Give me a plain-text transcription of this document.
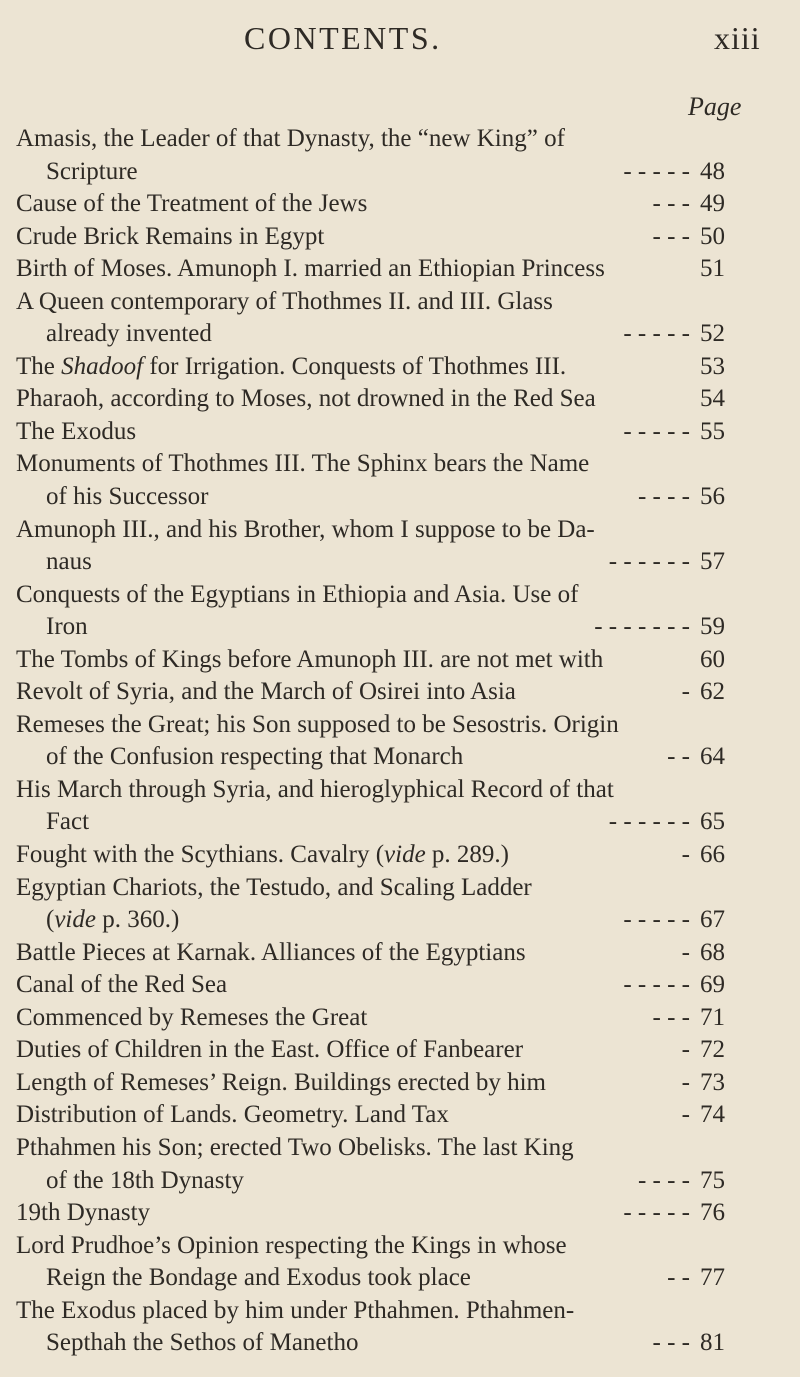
CONTENTS.	xiii
Page
Amasis, the Leader of that Dynasty, the “new King” of
Scripture	- - - - - 48
Cause of the Treatment of the Jews	- - - 49
Crude Brick Remains in Egypt	- - - 50
Birth of Moses. Amunoph I. married an Ethiopian Princess	51
A Queen contemporary of Thothmes II. and III. Glass
already invented	- - - - - 52
The Shadoof for Irrigation. Conquests of Thothmes III.	53
Pharaoh, according to Moses, not drowned in the Red Sea	54
The Exodus	- - - - - 55
Monuments of Thothmes III. The Sphinx bears the Name
of his Successor	- - - - 56
Amunoph III., and his Brother, whom I suppose to be Da-
naus	- - - - - - 57
Conquests of the Egyptians in Ethiopia and Asia. Use of
Iron	- - - - - - - 59
The Tombs of Kings before Amunoph III. are not met with	60
Revolt of Syria, and the March of Osirei into Asia	- 62
Remeses the Great; his Son supposed to be Sesostris. Origin
of the Confusion respecting that Monarch	- - 64
His March through Syria, and hieroglyphical Record of that
Fact	- - - - - - 65
Fought with the Scythians. Cavalry (vide p. 289.)	- 66
Egyptian Chariots, the Testudo, and Scaling Ladder
(vide p. 360.)	- - - - - 67
Battle Pieces at Karnak. Alliances of the Egyptians	- 68
Canal of the Red Sea	- - - - - 69
Commenced by Remeses the Great	- - - 71
Duties of Children in the East. Office of Fanbearer	- 72
Length of Remeses’ Reign. Buildings erected by him	- 73
Distribution of Lands. Geometry. Land Tax	- 74
Pthahmen his Son; erected Two Obelisks. The last King
of the 18th Dynasty	- - - - 75
19th Dynasty	- - - - - 76
Lord Prudhoe’s Opinion respecting the Kings in whose
Reign the Bondage and Exodus took place	- - 77
The Exodus placed by him under Pthahmen. Pthahmen-
Septhah the Sethos of Manetho	- - - 81
